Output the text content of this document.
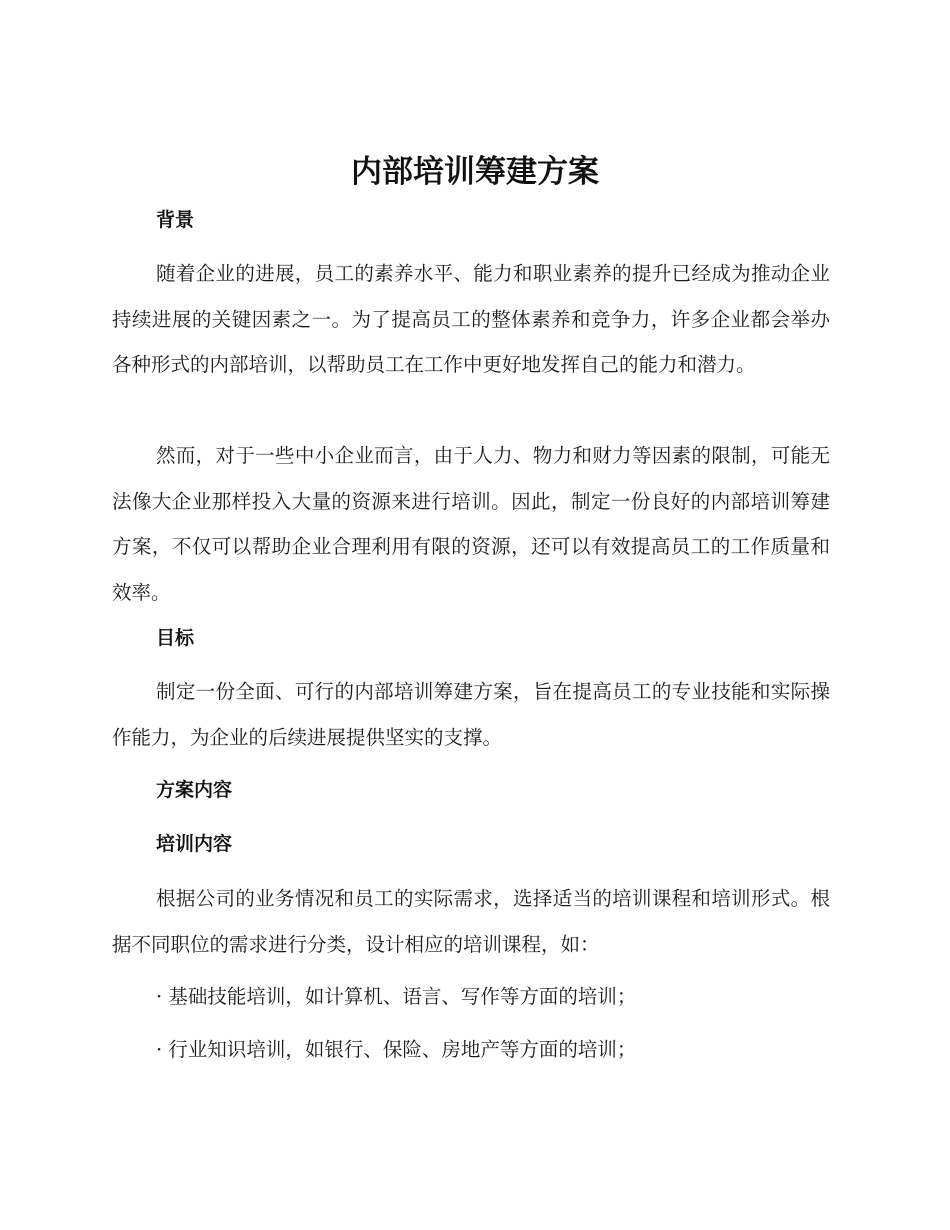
内部培训筹建方案
背景

随着企业的进展，员工的素养水平、能力和职业素养的提升已经成为推动企业持续进展的关键因素之一。为了提高员工的整体素养和竞争力，许多企业都会举办各种形式的内部培训，以帮助员工在工作中更好地发挥自己的能力和潜力。

然而，对于一些中小企业而言，由于人力、物力和财力等因素的限制，可能无法像大企业那样投入大量的资源来进行培训。因此，制定一份良好的内部培训筹建方案，不仅可以帮助企业合理利用有限的资源，还可以有效提高员工的工作质量和效率。

目标

制定一份全面、可行的内部培训筹建方案，旨在提高员工的专业技能和实际操作能力，为企业的后续进展提供坚实的支撑。

方案内容
培训内容

根据公司的业务情况和员工的实际需求，选择适当的培训课程和培训形式。根据不同职位的需求进行分类，设计相应的培训课程，如：

· 基础技能培训，如计算机、语言、写作等方面的培训；

· 行业知识培训，如银行、保险、房地产等方面的培训；
